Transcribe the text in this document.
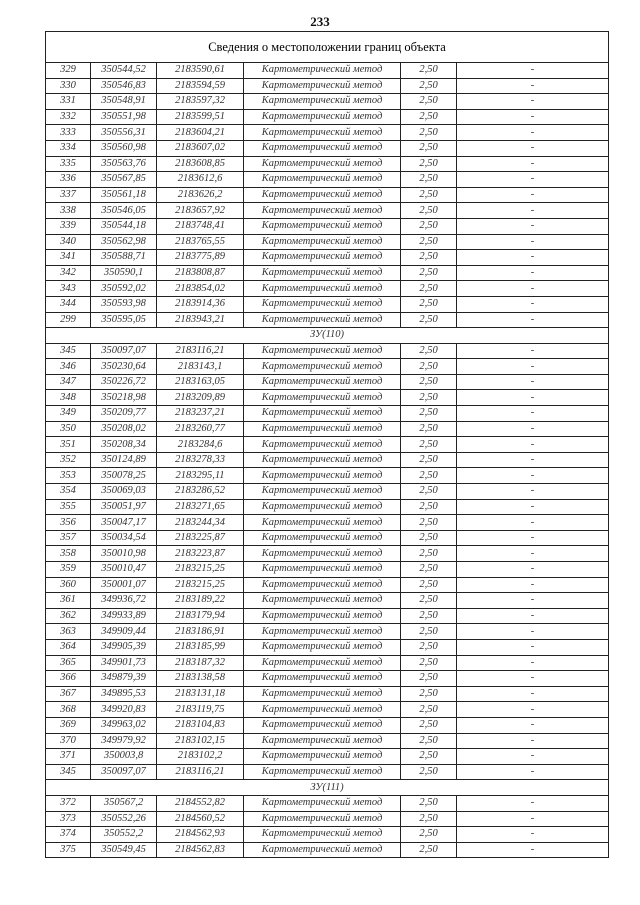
233
Сведения о местоположении границ объекта					
329	350544,52	2183590,61	Картометрический метод	2,50	-
330	350546,83	2183594,59	Картометрический метод	2,50	-
331	350548,91	2183597,32	Картометрический метод	2,50	-
332	350551,98	2183599,51	Картометрический метод	2,50	-
333	350556,31	2183604,21	Картометрический метод	2,50	-
334	350560,98	2183607,02	Картометрический метод	2,50	-
335	350563,76	2183608,85	Картометрический метод	2,50	-
336	350567,85	2183612,6	Картометрический метод	2,50	-
337	350561,18	2183626,2	Картометрический метод	2,50	-
338	350546,05	2183657,92	Картометрический метод	2,50	-
339	350544,18	2183748,41	Картометрический метод	2,50	-
340	350562,98	2183765,55	Картометрический метод	2,50	-
341	350588,71	2183775,89	Картометрический метод	2,50	-
342	350590,1	2183808,87	Картометрический метод	2,50	-
343	350592,02	2183854,02	Картометрический метод	2,50	-
344	350593,98	2183914,36	Картометрический метод	2,50	-
299	350595,05	2183943,21	Картометрический метод	2,50	-
ЗУ(110)					
345	350097,07	2183116,21	Картометрический метод	2,50	-
346	350230,64	2183143,1	Картометрический метод	2,50	-
347	350226,72	2183163,05	Картометрический метод	2,50	-
348	350218,98	2183209,89	Картометрический метод	2,50	-
349	350209,77	2183237,21	Картометрический метод	2,50	-
350	350208,02	2183260,77	Картометрический метод	2,50	-
351	350208,34	2183284,6	Картометрический метод	2,50	-
352	350124,89	2183278,33	Картометрический метод	2,50	-
353	350078,25	2183295,11	Картометрический метод	2,50	-
354	350069,03	2183286,52	Картометрический метод	2,50	-
355	350051,97	2183271,65	Картометрический метод	2,50	-
356	350047,17	2183244,34	Картометрический метод	2,50	-
357	350034,54	2183225,87	Картометрический метод	2,50	-
358	350010,98	2183223,87	Картометрический метод	2,50	-
359	350010,47	2183215,25	Картометрический метод	2,50	-
360	350001,07	2183215,25	Картометрический метод	2,50	-
361	349936,72	2183189,22	Картометрический метод	2,50	-
362	349933,89	2183179,94	Картометрический метод	2,50	-
363	349909,44	2183186,91	Картометрический метод	2,50	-
364	349905,39	2183185,99	Картометрический метод	2,50	-
365	349901,73	2183187,32	Картометрический метод	2,50	-
366	349879,39	2183138,58	Картометрический метод	2,50	-
367	349895,53	2183131,18	Картометрический метод	2,50	-
368	349920,83	2183119,75	Картометрический метод	2,50	-
369	349963,02	2183104,83	Картометрический метод	2,50	-
370	349979,92	2183102,15	Картометрический метод	2,50	-
371	350003,8	2183102,2	Картометрический метод	2,50	-
345	350097,07	2183116,21	Картометрический метод	2,50	-
ЗУ(111)					
372	350567,2	2184552,82	Картометрический метод	2,50	-
373	350552,26	2184560,52	Картометрический метод	2,50	-
374	350552,2	2184562,93	Картометрический метод	2,50	-
375	350549,45	2184562,83	Картометрический метод	2,50	-
